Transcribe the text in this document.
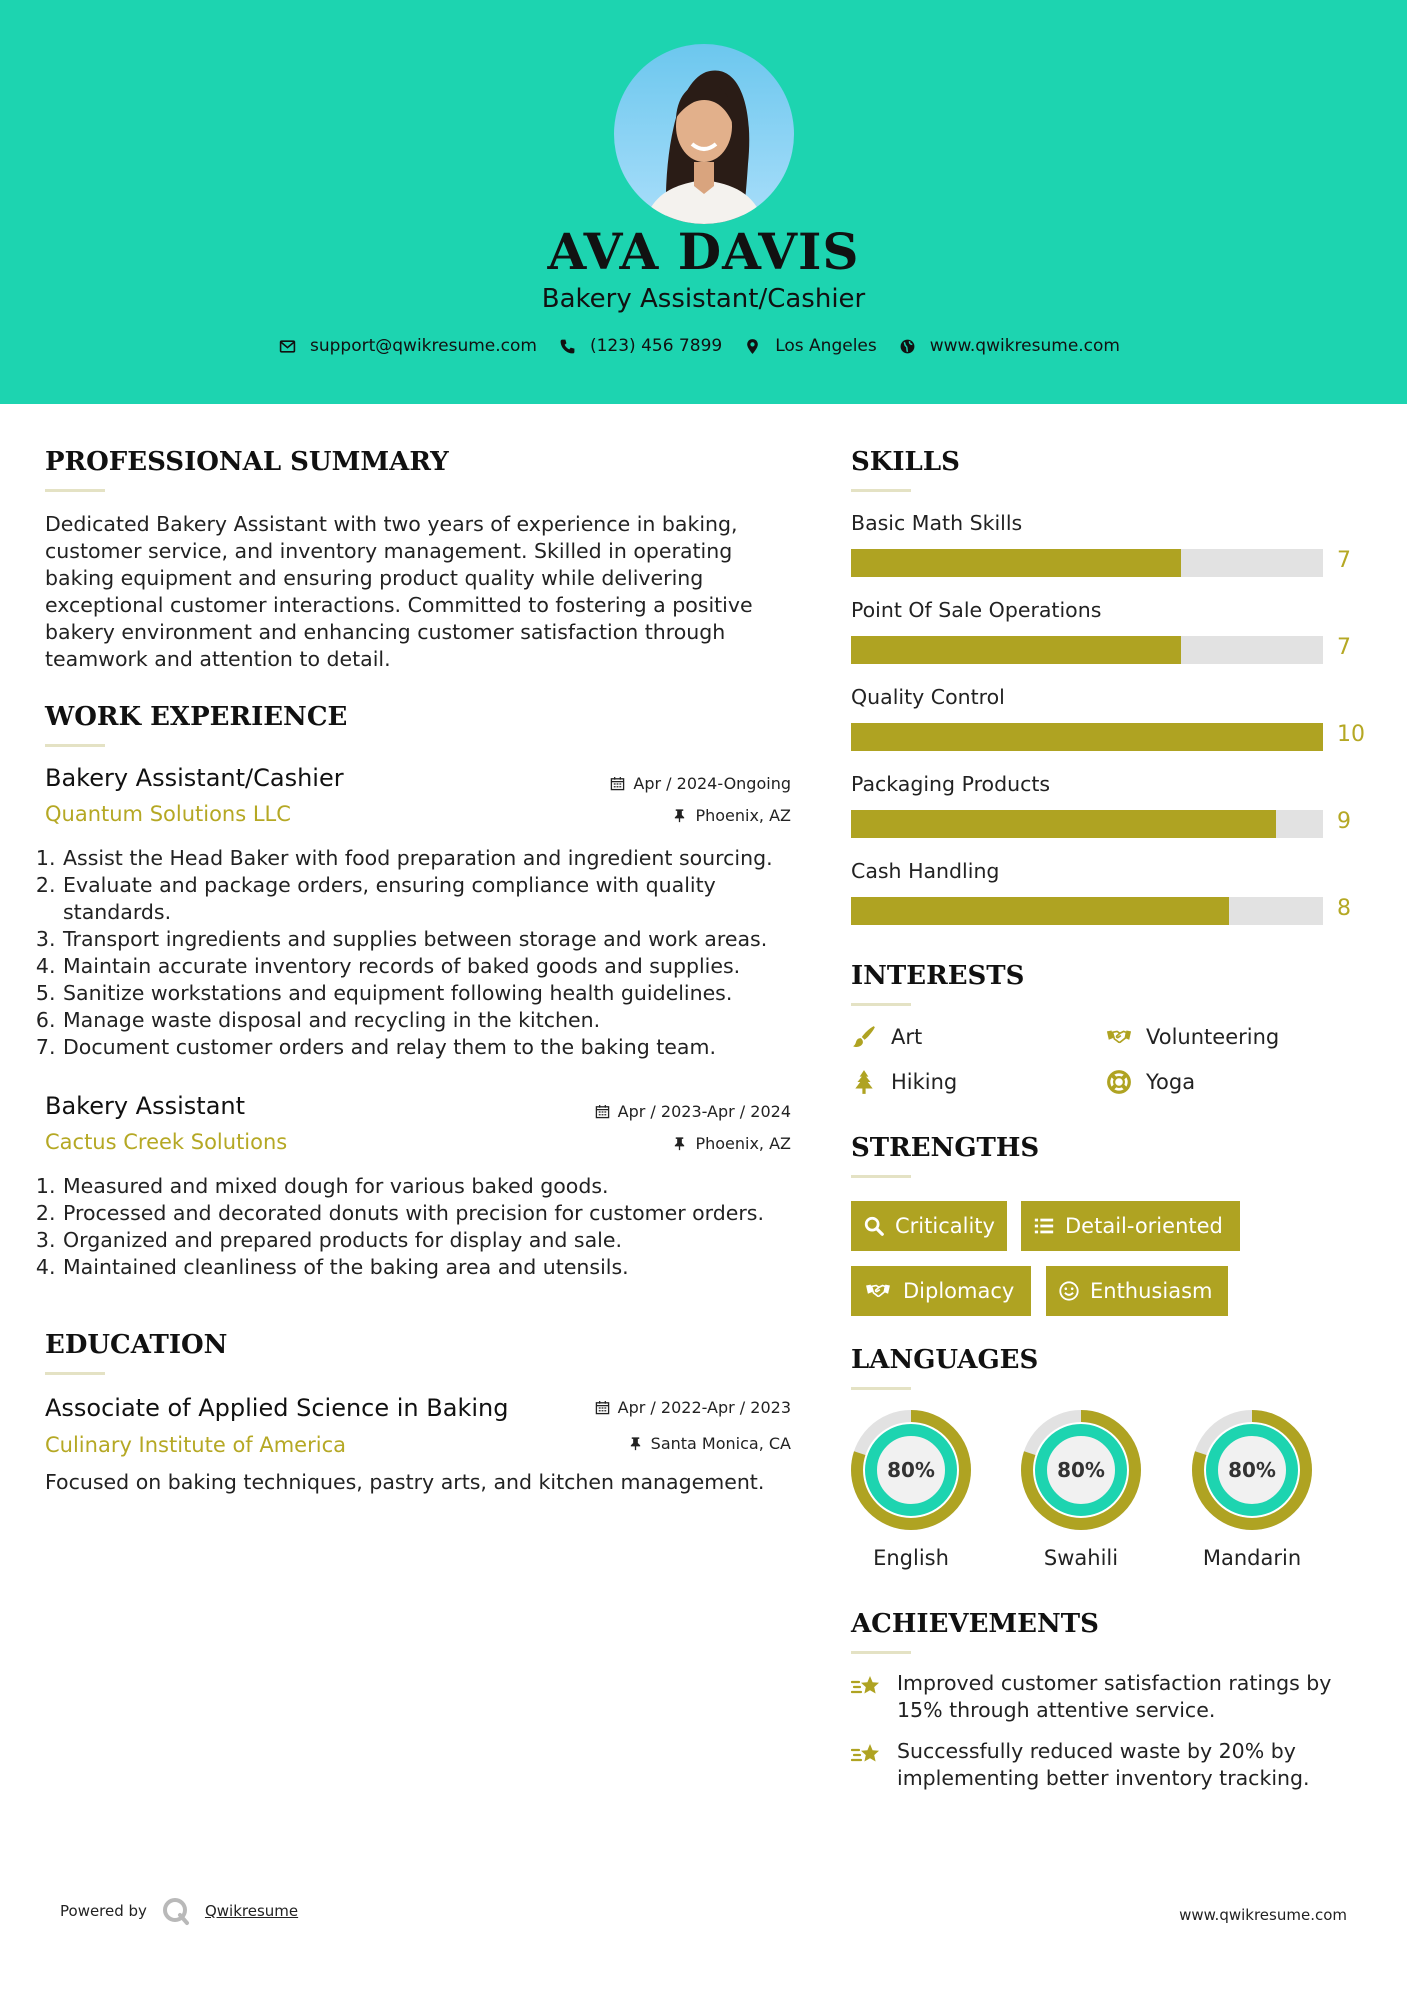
AVA DAVIS
Bakery Assistant/Cashier
support@qwikresume.com	(123) 456 7899	Los Angeles	www.qwikresume.com
PROFESSIONAL SUMMARY
Dedicated Bakery Assistant with two years of experience in baking, customer service, and inventory management. Skilled in operating baking equipment and ensuring product quality while delivering exceptional customer interactions. Committed to fostering a positive bakery environment and enhancing customer satisfaction through teamwork and attention to detail.
WORK EXPERIENCE
Bakery Assistant/Cashier	Apr / 2024-Ongoing
Quantum Solutions LLC	Phoenix, AZ
1. Assist the Head Baker with food preparation and ingredient sourcing.
2. Evaluate and package orders, ensuring compliance with quality standards.
3. Transport ingredients and supplies between storage and work areas.
4. Maintain accurate inventory records of baked goods and supplies.
5. Sanitize workstations and equipment following health guidelines.
6. Manage waste disposal and recycling in the kitchen.
7. Document customer orders and relay them to the baking team.
Bakery Assistant	Apr / 2023-Apr / 2024
Cactus Creek Solutions	Phoenix, AZ
1. Measured and mixed dough for various baked goods.
2. Processed and decorated donuts with precision for customer orders.
3. Organized and prepared products for display and sale.
4. Maintained cleanliness of the baking area and utensils.
EDUCATION
Associate of Applied Science in Baking	Apr / 2022-Apr / 2023
Culinary Institute of America	Santa Monica, CA
Focused on baking techniques, pastry arts, and kitchen management.
SKILLS
Basic Math Skills
7
Point Of Sale Operations
7
Quality Control
10
Packaging Products
9
Cash Handling
8
INTERESTS
Art	Volunteering
Hiking	Yoga
STRENGTHS
Criticality	Detail-oriented
Diplomacy	Enthusiasm
LANGUAGES
80%
English
80%
Swahili
80%
Mandarin
ACHIEVEMENTS
Improved customer satisfaction ratings by 15% through attentive service.
Successfully reduced waste by 20% by implementing better inventory tracking.
Powered by	Qwikresume	www.qwikresume.com
